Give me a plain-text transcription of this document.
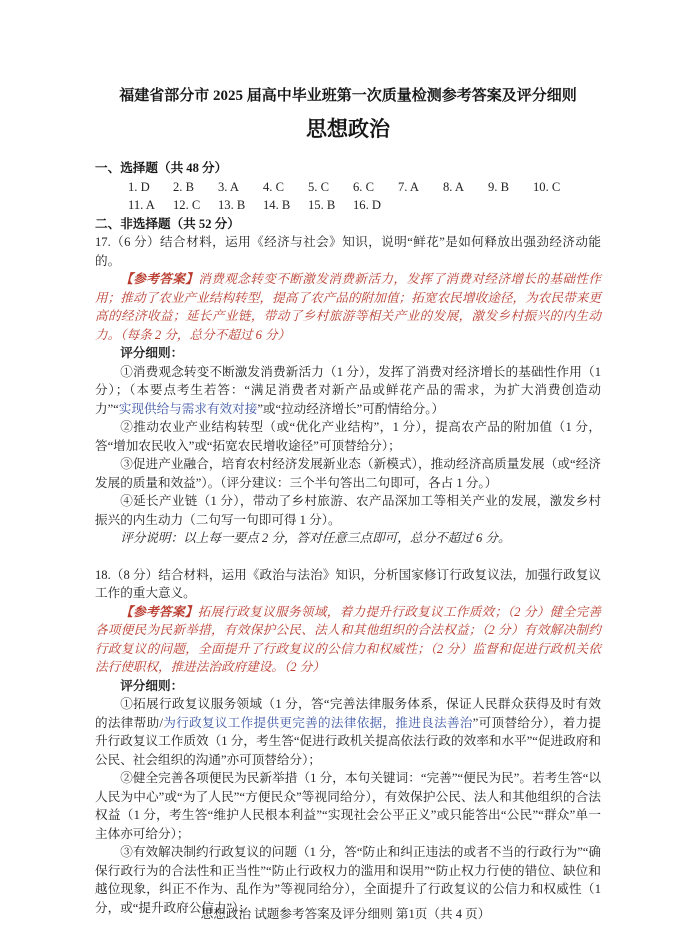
福建省部分市 2025 届高中毕业班第一次质量检测参考答案及评分细则
思想政治

一、选择题（共 48 分）

1. D	2. B	3. A	4. C	5. C	6. C	7. A	8. A	9. B	10. C
11. A	12. C	13. B	14. B	15. B	16. D

二、非选择题（共 52 分）

17.（6 分）结合材料，运用《经济与社会》知识，说明“鲜花”是如何释放出强劲经济动能的。

【参考答案】消费观念转变不断激发消费新活力，发挥了消费对经济增长的基础性作用；推动了农业产业结构转型，提高了农产品的附加值；拓宽农民增收途径，为农民带来更高的经济收益；延长产业链，带动了乡村旅游等相关产业的发展，激发乡村振兴的内生动力。（每条 2 分，总分不超过 6 分）

评分细则：

①消费观念转变不断激发消费新活力（1 分），发挥了消费对经济增长的基础性作用（1 分）；（本要点考生若答：“满足消费者对新产品或鲜花产品的需求，为扩大消费创造动力”“实现供给与需求有效对接”或“拉动经济增长”可酌情给分。）

②推动农业产业结构转型（或“优化产业结构”，1 分），提高农产品的附加值（1 分，答“增加农民收入”或“拓宽农民增收途径”可顶替给分）；

③促进产业融合，培育农村经济发展新业态（新模式），推动经济高质量发展（或“经济发展的质量和效益”）。（评分建议：三个半句答出二句即可，各占 1 分。）

④延长产业链（1 分），带动了乡村旅游、农产品深加工等相关产业的发展，激发乡村振兴的内生动力（二句写一句即可得 1 分）。

评分说明：以上每一要点 2 分，答对任意三点即可，总分不超过 6 分。

18.（8 分）结合材料，运用《政治与法治》知识，分析国家修订行政复议法，加强行政复议工作的重大意义。

【参考答案】拓展行政复议服务领域，着力提升行政复议工作质效；（2 分）健全完善各项便民为民新举措，有效保护公民、法人和其他组织的合法权益；（2 分）有效解决制约行政复议的问题，全面提升了行政复议的公信力和权威性；（2 分）监督和促进行政机关依法行使职权，推进法治政府建设。（2 分）

评分细则：

①拓展行政复议服务领域（1 分，答“完善法律服务体系，保证人民群众获得及时有效的法律帮助/为行政复议工作提供更完善的法律依据，推进良法善治”可顶替给分），着力提升行政复议工作质效（1 分，考生答“促进行政机关提高依法行政的效率和水平”“促进政府和公民、社会组织的沟通”亦可顶替给分）；

②健全完善各项便民为民新举措（1 分，本句关键词：“完善”“便民为民”。若考生答“以人民为中心”或“为了人民”“方便民众”等视同给分），有效保护公民、法人和其他组织的合法权益（1 分，考生答“维护人民根本利益”“实现社会公平正义”或只能答出“公民”“群众”单一主体亦可给分）；

③有效解决制约行政复议的问题（1 分，答“防止和纠正违法的或者不当的行政行为”“确保行政行为的合法性和正当性”“防止行政权力的滥用和误用”“防止权力行使的错位、缺位和越位现象，纠正不作为、乱作为”等视同给分），全面提升了行政复议的公信力和权威性（1 分，或“提升政府公信力”）；

思想政治 试题参考答案及评分细则 第1页（共 4 页）
